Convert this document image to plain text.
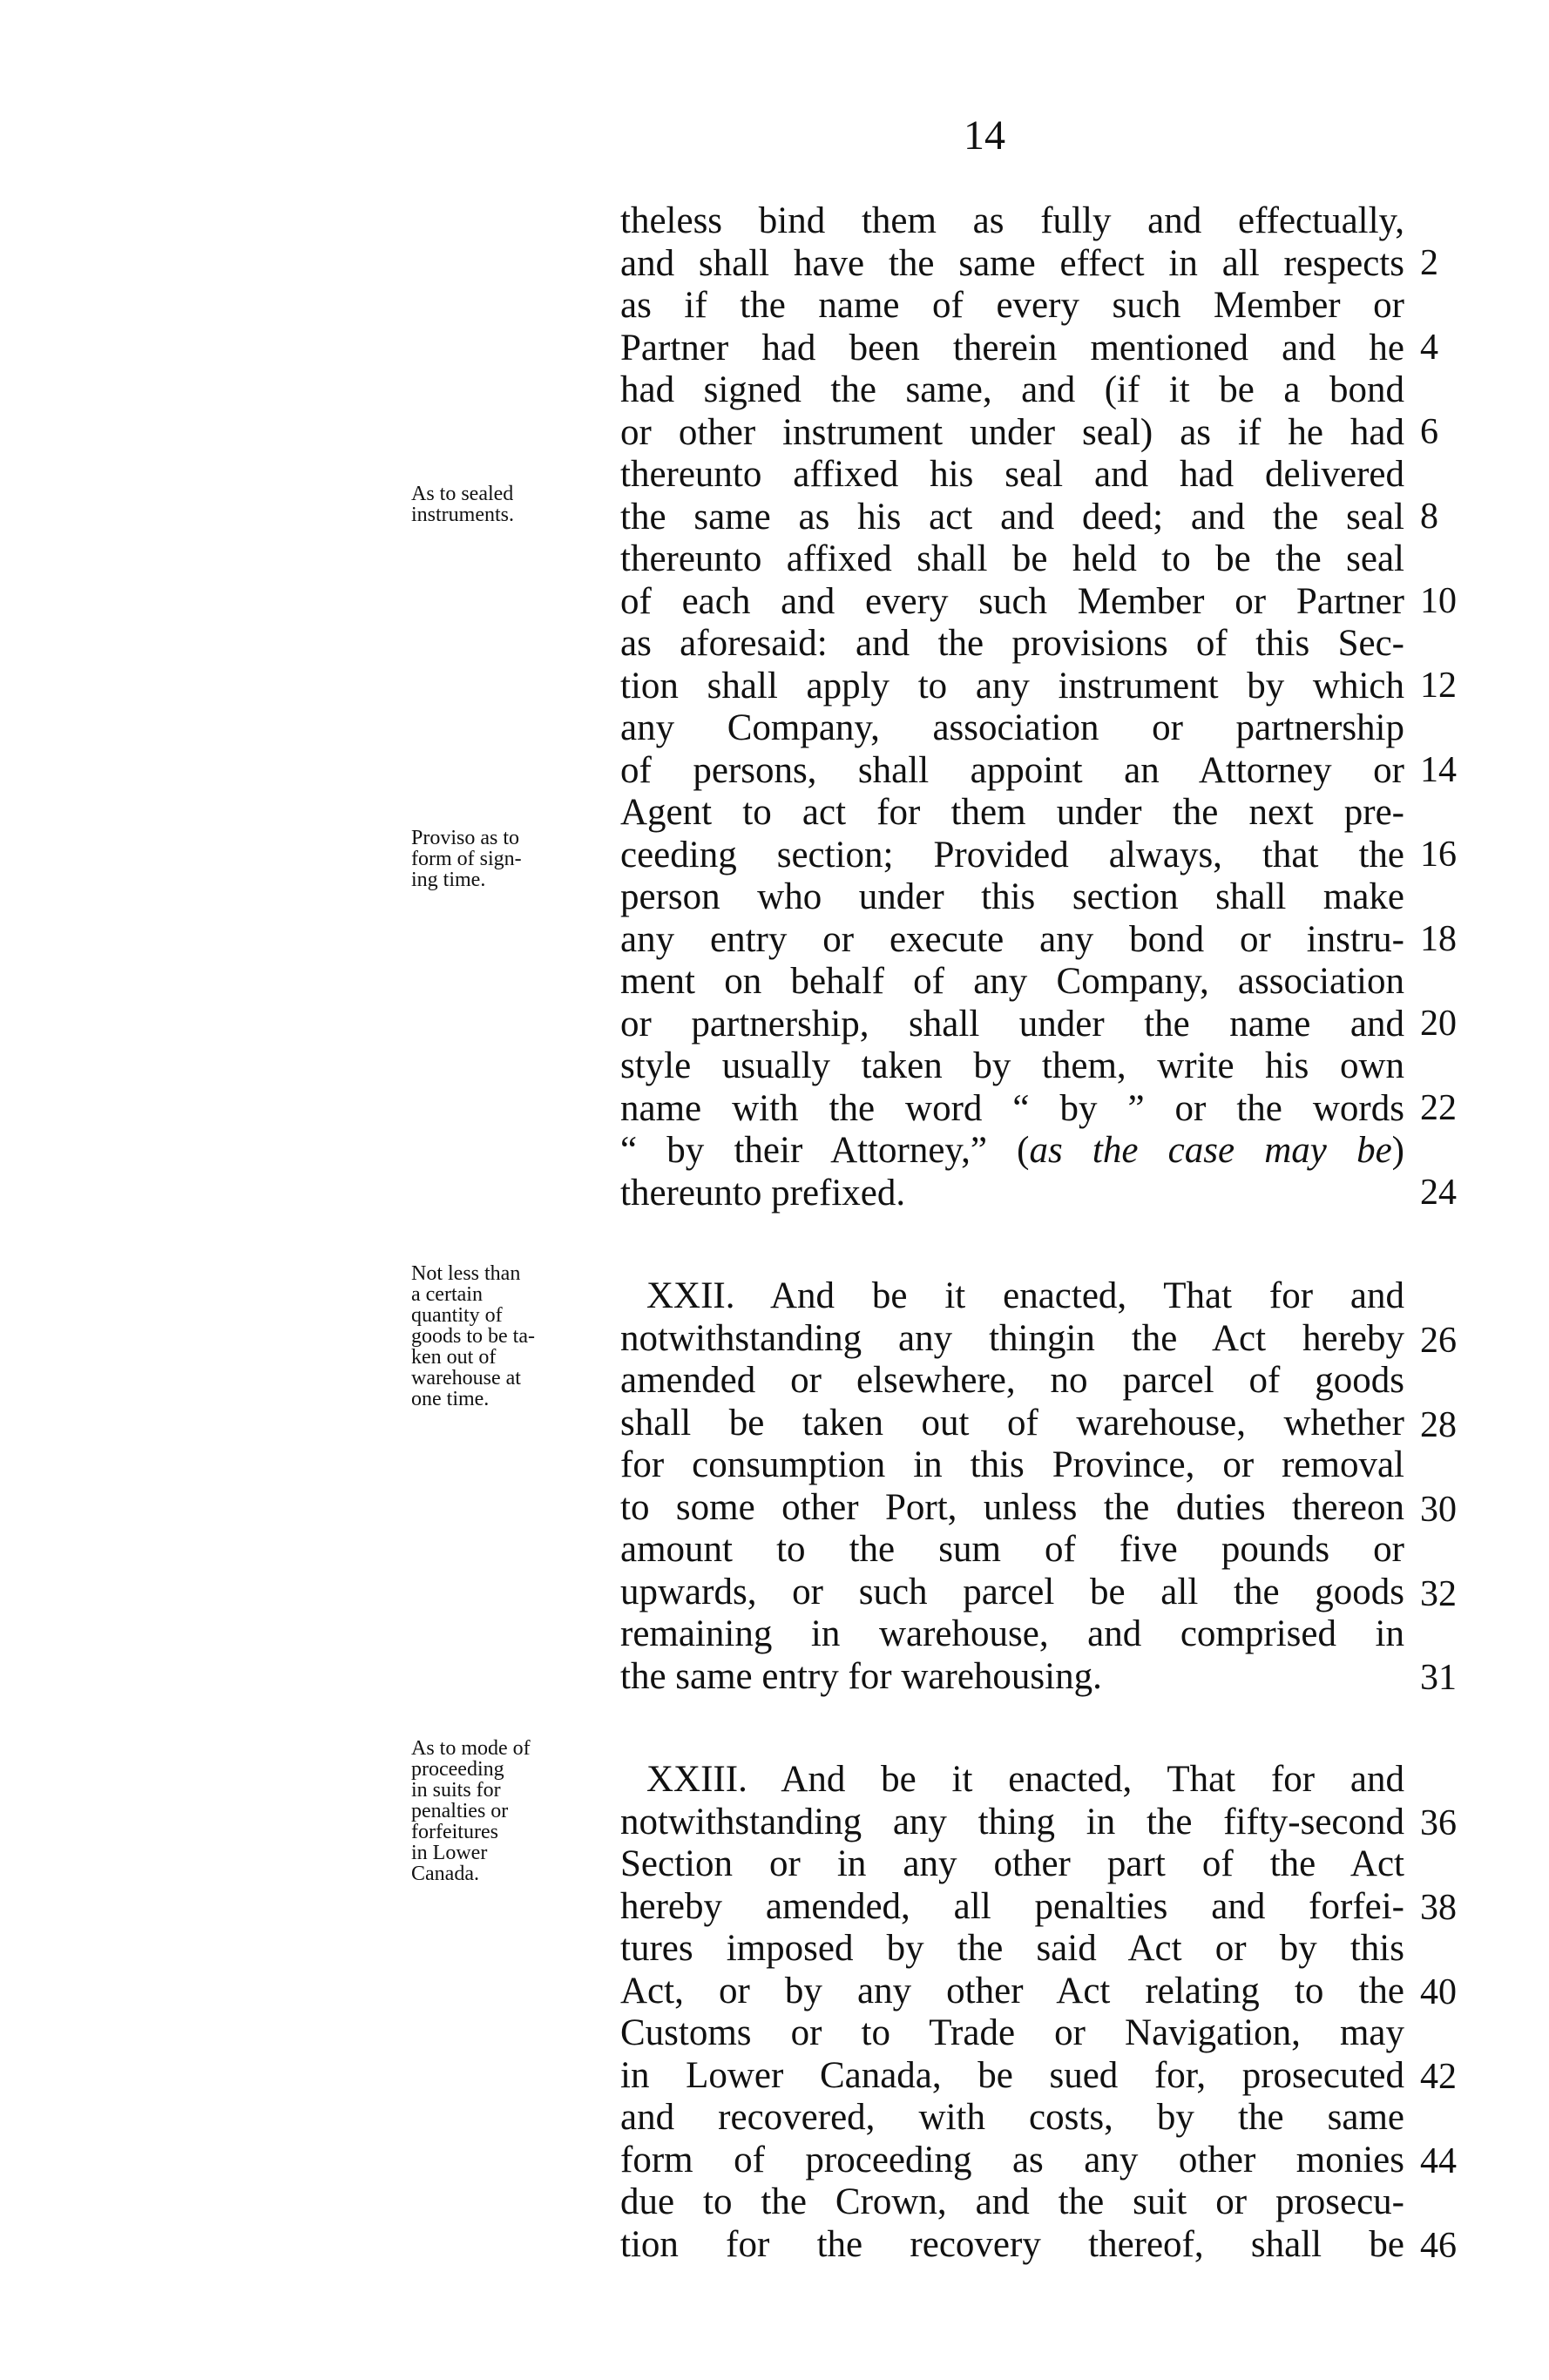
14
As to sealed
instruments.
Proviso as to
form of sign-
ing time.
Not less than
a certain
quantity of
goods to be ta-
ken out of
warehouse at
one time.
As to mode of
proceeding
in suits for
penalties or
forfeitures
in Lower
Canada.
theless bind them as fully and effectually,
and shall have the same effect in all respects
as if the name of every such Member or
Partner had been therein mentioned and he
had signed the same, and (if it be a bond
or other instrument under seal) as if he had
thereunto affixed his seal and had delivered
the same as his act and deed; and the seal
thereunto affixed shall be held to be the seal
of each and every such Member or Partner
as aforesaid: and the provisions of this Sec-
tion shall apply to any instrument by which
any Company, association or partnership
of persons, shall appoint an Attorney or
Agent to act for them under the next pre-
ceeding section; Provided always, that the
person who under this section shall make
any entry or execute any bond or instru-
ment on behalf of any Company, association
or partnership, shall under the name and
style usually taken by them, write his own
name with the word “ by ” or the words
“ by their Attorney,” (as the case may be)
thereunto prefixed.
XXII. And be it enacted, That for and
notwithstanding any thingin the Act hereby
amended or elsewhere, no parcel of goods
shall be taken out of warehouse, whether
for consumption in this Province, or removal
to some other Port, unless the duties thereon
amount to the sum of five pounds or
upwards, or such parcel be all the goods
remaining in warehouse, and comprised in
the same entry for warehousing.
XXIII. And be it enacted, That for and
notwithstanding any thing in the fifty-second
Section or in any other part of the Act
hereby amended, all penalties and forfei-
tures imposed by the said Act or by this
Act, or by any other Act relating to the
Customs or to Trade or Navigation, may
in Lower Canada, be sued for, prosecuted
and recovered, with costs, by the same
form of proceeding as any other monies
due to the Crown, and the suit or prosecu-
tion for the recovery thereof, shall be
2
4
6
8
10
12
14
16
18
20
22
24
26
28
30
32
31
36
38
40
42
44
46
